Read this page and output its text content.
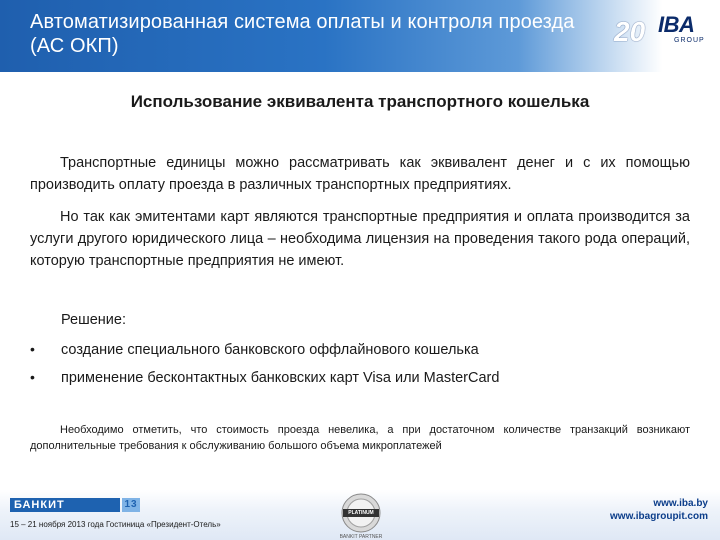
Автоматизированная система оплаты и контроля проезда (АС ОКП)	20 IBA
GROUP
Использование эквивалента транспортного кошелька
Транспортные единицы можно рассматривать как эквивалент денег и с их помощью производить оплату проезда в различных транспортных предприятиях.
Но так как эмитентами карт являются транспортные предприятия и оплата производится за услуги другого юридического лица – необходима лицензия на проведения такого рода операций, которую транспортные предприятия не имеют.
Решение:
• создание специального банковского оффлайнового кошелька
• применение бесконтактных банковских карт Visa или MasterCard
Необходимо отметить, что стоимость проезда невелика, а при достаточном количестве транзакций возникают дополнительные требования к обслуживанию большого объема микроплатежей
БАНКИТ	13
15 – 21 ноября 2013 года Гостиница «Президент-Отель»
PLATINUM
BANKIT PARTNER
www.iba.by
www.ibagroupit.com
